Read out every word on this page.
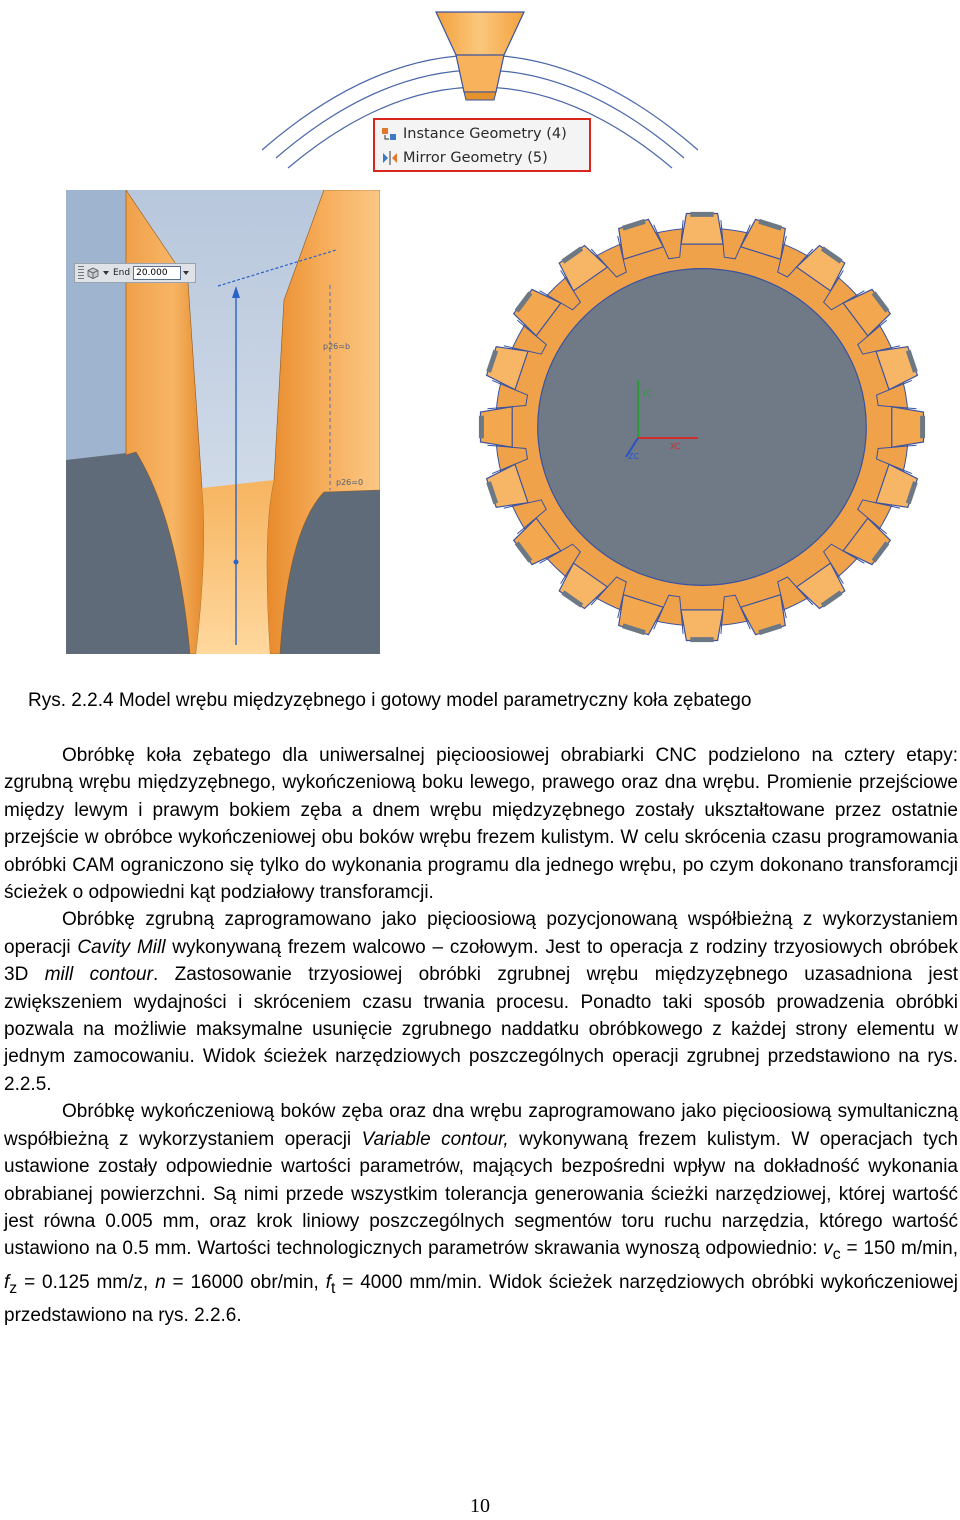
Instance Geometry (4)
Mirror Geometry (5)
End
20.000
p26=b
p26=0
YC
XC
ZC
Rys. 2.2.4 Model wrębu międzyzębnego i gotowy model parametryczny koła zębatego

Obróbkę koła zębatego dla uniwersalnej pięcioosiowej obrabiarki CNC podzielono na cztery etapy: zgrubną wrębu międzyzębnego, wykończeniową boku lewego, prawego oraz dna wrębu. Promienie przejściowe między lewym i prawym bokiem zęba a dnem wrębu międzyzębnego zostały ukształtowane przez ostatnie przejście w obróbce wykończeniowej obu boków wrębu frezem kulistym. W celu skrócenia czasu programowania obróbki CAM ograniczono się tylko do wykonania programu dla jednego wrębu, po czym dokonano transforamcji ścieżek o odpowiedni kąt podziałowy transforamcji.

Obróbkę zgrubną zaprogramowano jako pięcioosiową pozycjonowaną współbieżną z wykorzystaniem operacji Cavity Mill wykonywaną frezem walcowo – czołowym. Jest to operacja z rodziny trzyosiowych obróbek 3D mill contour. Zastosowanie trzyosiowej obróbki zgrubnej wrębu międzyzębnego uzasadniona jest zwiększeniem wydajności i skróceniem czasu trwania procesu. Ponadto taki sposób prowadzenia obróbki pozwala na możliwie maksymalne usunięcie zgrubnego naddatku obróbkowego z każdej strony elementu w jednym zamocowaniu. Widok ścieżek narzędziowych poszczególnych operacji zgrubnej przedstawiono na rys. 2.2.5.

Obróbkę wykończeniową boków zęba oraz dna wrębu zaprogramowano jako pięcioosiową symultaniczną współbieżną z wykorzystaniem operacji Variable contour, wykonywaną frezem kulistym. W operacjach tych ustawione zostały odpowiednie wartości parametrów, mających bezpośredni wpływ na dokładność wykonania obrabianej powierzchni. Są nimi przede wszystkim tolerancja generowania ścieżki narzędziowej, której wartość jest równa 0.005 mm, oraz krok liniowy poszczególnych segmentów toru ruchu narzędzia, którego wartość ustawiono na 0.5 mm. Wartości technologicznych parametrów skrawania wynoszą odpowiednio: $v_c = 150$ m/min, $f_z = 0.125$ mm/z, n = 16000 obr/min, $f_t = 4000$ mm/min. Widok ścieżek narzędziowych obróbki wykończeniowej przedstawiono na rys. 2.2.6.

10
